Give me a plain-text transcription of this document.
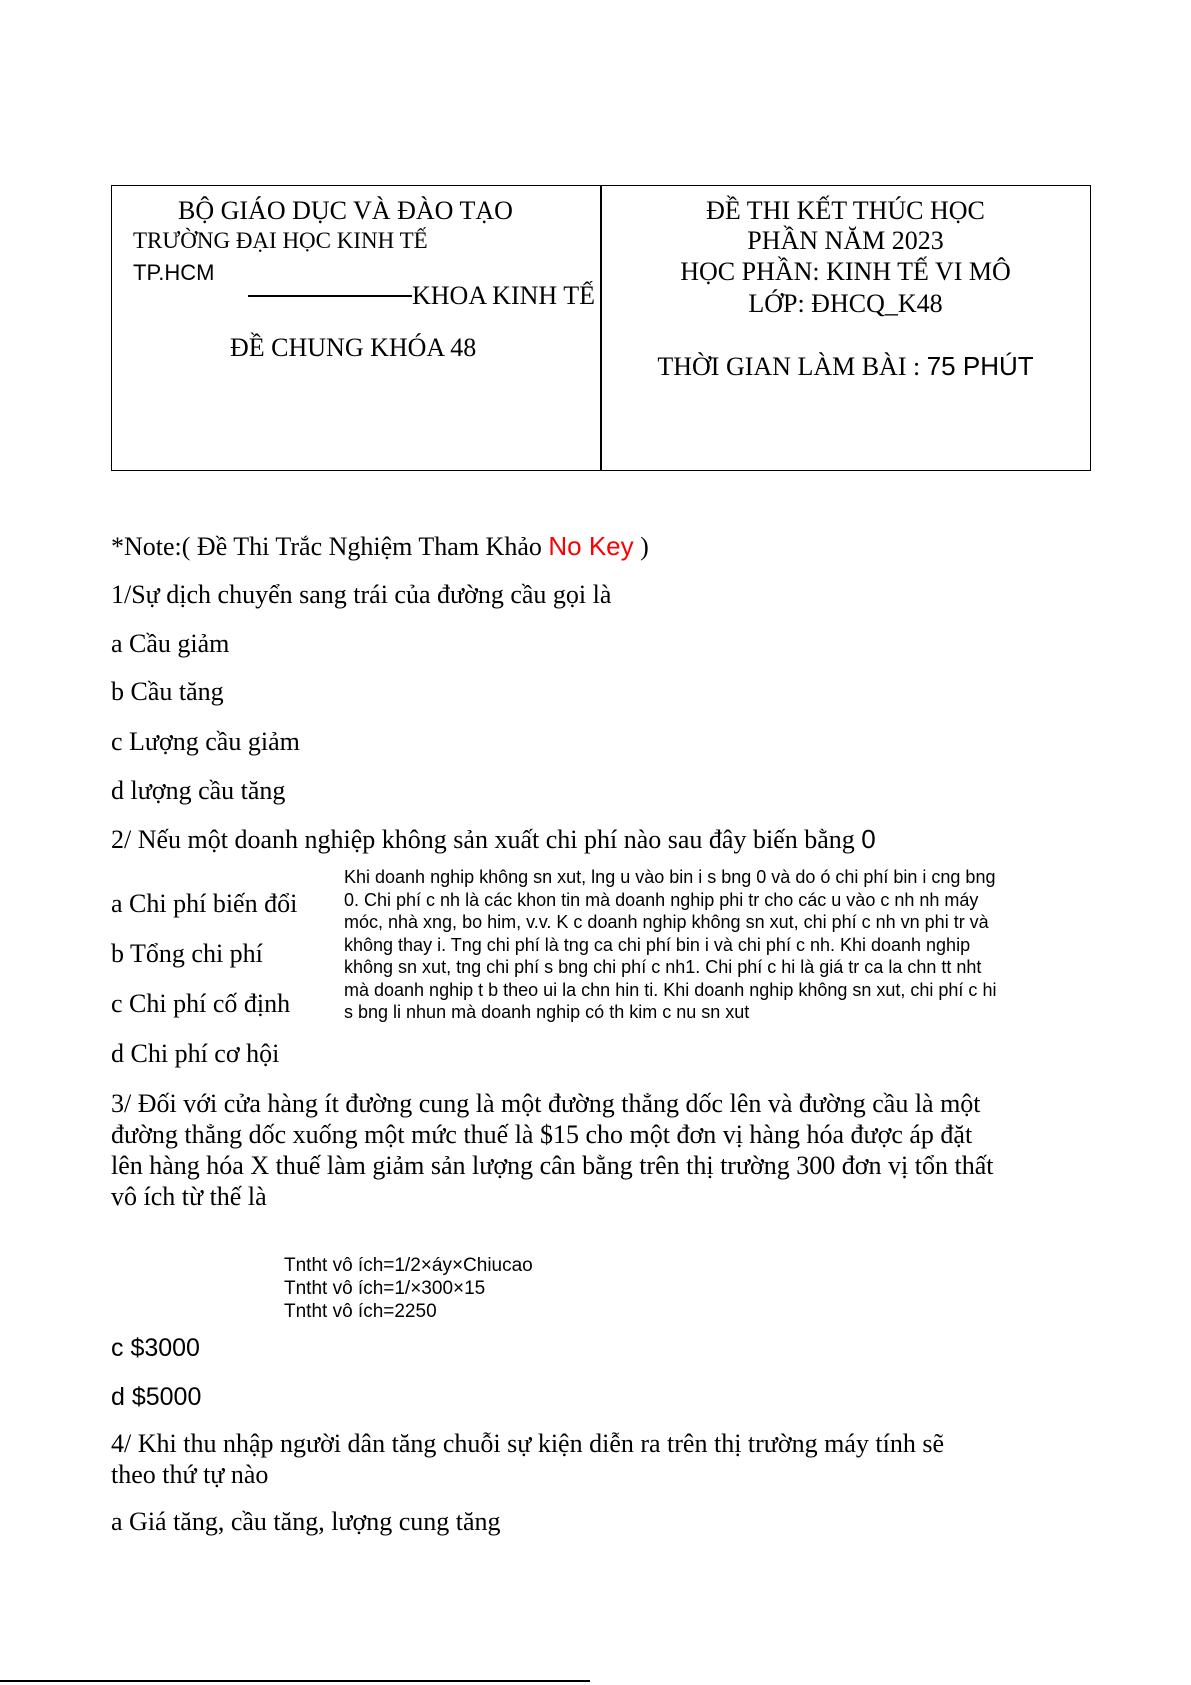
BỘ GIÁO DỤC VÀ ĐÀO TẠO
TRƯỜNG ĐẠI HỌC KINH TẾ
TP.HCM
KHOA KINH TẾ
ĐỀ CHUNG KHÓA 48
ĐỀ THI KẾT THÚC HỌC
PHẦN NĂM 2023
HỌC PHẦN: KINH TẾ VI MÔ
LỚP: ĐHCQ_K48
THỜI GIAN LÀM BÀI : 75 PHÚT
*Note:( Đề Thi Trắc Nghiệm Tham Khảo No Key )
1/Sự dịch chuyển sang trái của đường cầu gọi là
a Cầu giảm
b Cầu tăng
c Lượng cầu giảm
d lượng cầu tăng
2/ Nếu một doanh nghiệp không sản xuất chi phí nào sau đây biến bằng 0
a Chi phí biến đổi
b Tổng chi phí
c Chi phí cố định
d Chi phí cơ hội
Khi doanh nghip không sn xut, lng u vào bin i s bng 0 và do ó chi phí bin i cng bng
0. Chi phí c nh là các khon tin mà doanh nghip phi tr cho các u vào c nh nh máy
móc, nhà xng, bo him, v.v. K c doanh nghip không sn xut, chi phí c nh vn phi tr và
không thay i. Tng chi phí là tng ca chi phí bin i và chi phí c nh. Khi doanh nghip
không sn xut, tng chi phí s bng chi phí c nh1. Chi phí c hi là giá tr ca la chn tt nht
mà doanh nghip t b theo ui la chn hin ti. Khi doanh nghip không sn xut, chi phí c hi
s bng li nhun mà doanh nghip có th kim c nu sn xut
3/ Đối với cửa hàng ít đường cung là một đường thẳng dốc lên và đường cầu là một
đường thẳng dốc xuống một mức thuế là $15 cho một đơn vị hàng hóa được áp đặt
lên hàng hóa X thuế làm giảm sản lượng cân bằng trên thị trường 300 đơn vị tổn thất
vô ích từ thế là
Tntht vô ích=1/2×áy×Chiucao
Tntht vô ích=1/×300×15
Tntht vô ích=2250
c $3000
d $5000
4/ Khi thu nhập người dân tăng chuỗi sự kiện diễn ra trên thị trường máy tính sẽ
theo thứ tự nào
a Giá tăng, cầu tăng, lượng cung tăng
